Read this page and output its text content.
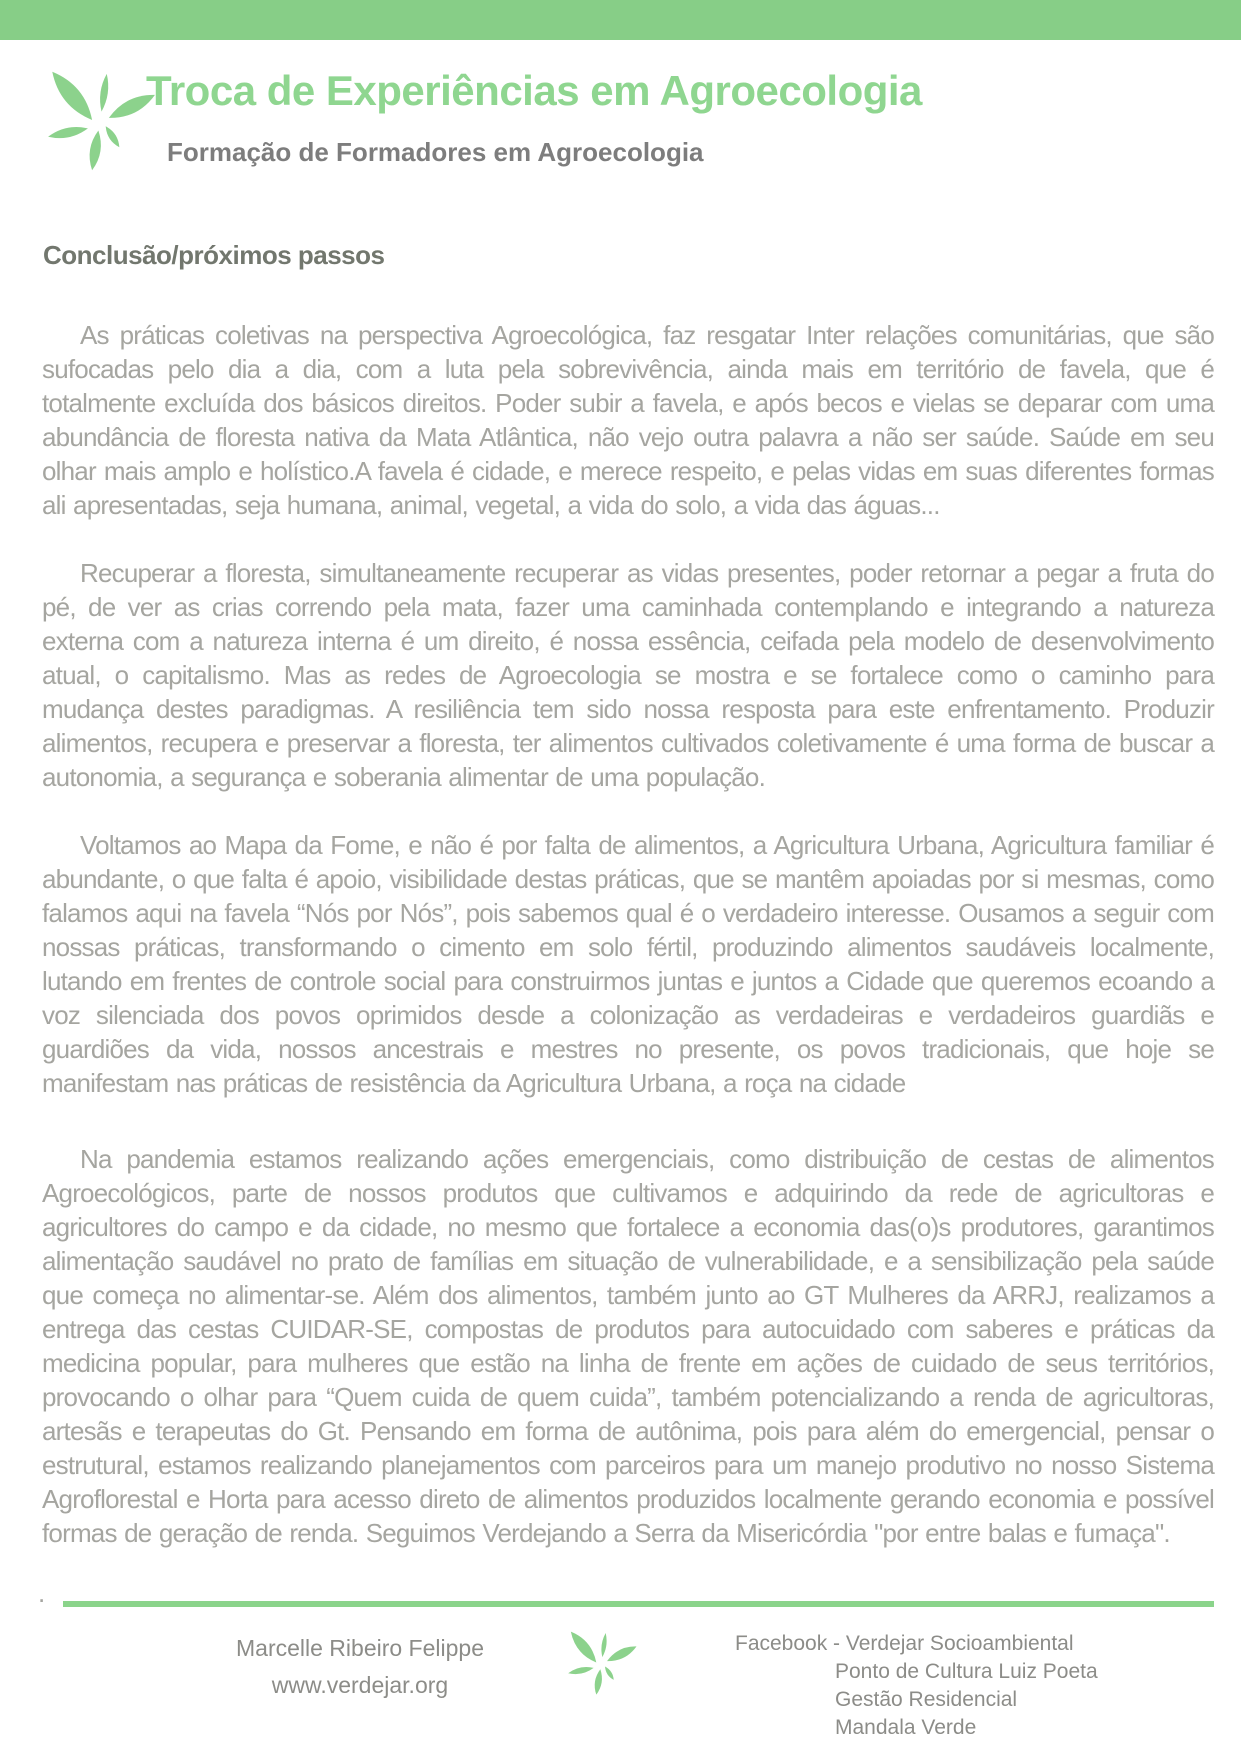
Troca de Experiências em Agroecologia
Formação de Formadores em Agroecologia
Conclusão/próximos passos

As práticas coletivas na perspectiva Agroecológica, faz resgatar Inter relações comunitárias, que são sufocadas pelo dia a dia, com a luta pela sobrevivência, ainda mais em território de favela, que é totalmente excluída dos básicos direitos. Poder subir a favela, e após becos e vielas se deparar com uma abundância de floresta nativa da Mata Atlântica, não vejo outra palavra a não ser saúde. Saúde em seu olhar mais amplo e holístico.A favela é cidade, e merece respeito, e pelas vidas em suas diferentes formas ali apresentadas, seja humana, animal, vegetal, a vida do solo, a vida das águas...

Recuperar a floresta, simultaneamente recuperar as vidas presentes, poder retornar a pegar a fruta do pé, de ver as crias correndo pela mata, fazer uma caminhada contemplando e integrando a natureza externa com a natureza interna é um direito, é nossa essência, ceifada pela modelo de desenvolvimento atual, o capitalismo. Mas as redes de Agroecologia se mostra e se fortalece como o caminho para mudança destes paradigmas. A resiliência tem sido nossa resposta para este enfrentamento. Produzir alimentos, recupera e preservar a floresta, ter alimentos cultivados coletivamente é uma forma de buscar a autonomia, a segurança e soberania alimentar de uma população.

Voltamos ao Mapa da Fome, e não é por falta de alimentos, a Agricultura Urbana, Agricultura familiar é abundante, o que falta é apoio, visibilidade destas práticas, que se mantêm apoiadas por si mesmas, como falamos aqui na favela “Nós por Nós”, pois sabemos qual é o verdadeiro interesse. Ousamos a seguir com nossas práticas, transformando o cimento em solo fértil, produzindo alimentos saudáveis localmente, lutando em frentes de controle social para construirmos juntas e juntos a Cidade que queremos ecoando a voz silenciada dos povos oprimidos desde a colonização as verdadeiras e verdadeiros guardiãs e guardiões da vida, nossos ancestrais e mestres no presente, os povos tradicionais, que hoje se manifestam nas práticas de resistência da Agricultura Urbana, a roça na cidade

Na pandemia estamos realizando ações emergenciais, como distribuição de cestas de alimentos Agroecológicos, parte de nossos produtos que cultivamos e adquirindo da rede de agricultoras e agricultores do campo e da cidade, no mesmo que fortalece a economia das(o)s produtores, garantimos alimentação saudável no prato de famílias em situação de vulnerabilidade, e a sensibilização pela saúde que começa no alimentar-se. Além dos alimentos, também junto ao GT Mulheres da ARRJ, realizamos a entrega das cestas CUIDAR-SE, compostas de produtos para autocuidado com saberes e práticas da medicina popular, para mulheres que estão na linha de frente em ações de cuidado de seus territórios, provocando o olhar para “Quem cuida de quem cuida”, também potencializando a renda de agricultoras, artesãs e terapeutas do Gt. Pensando em forma de autônima, pois para além do emergencial, pensar o estrutural, estamos realizando planejamentos com parceiros para um manejo produtivo no nosso Sistema Agroflorestal e Horta para acesso direto de alimentos produzidos localmente gerando economia e possível formas de geração de renda. Seguimos Verdejando a Serra da Misericórdia "por entre balas e fumaça".

.
Marcelle Ribeiro Felippe
www.verdejar.org
Facebook - Verdejar Socioambiental
Ponto de Cultura Luiz Poeta
Gestão Residencial
Mandala Verde
